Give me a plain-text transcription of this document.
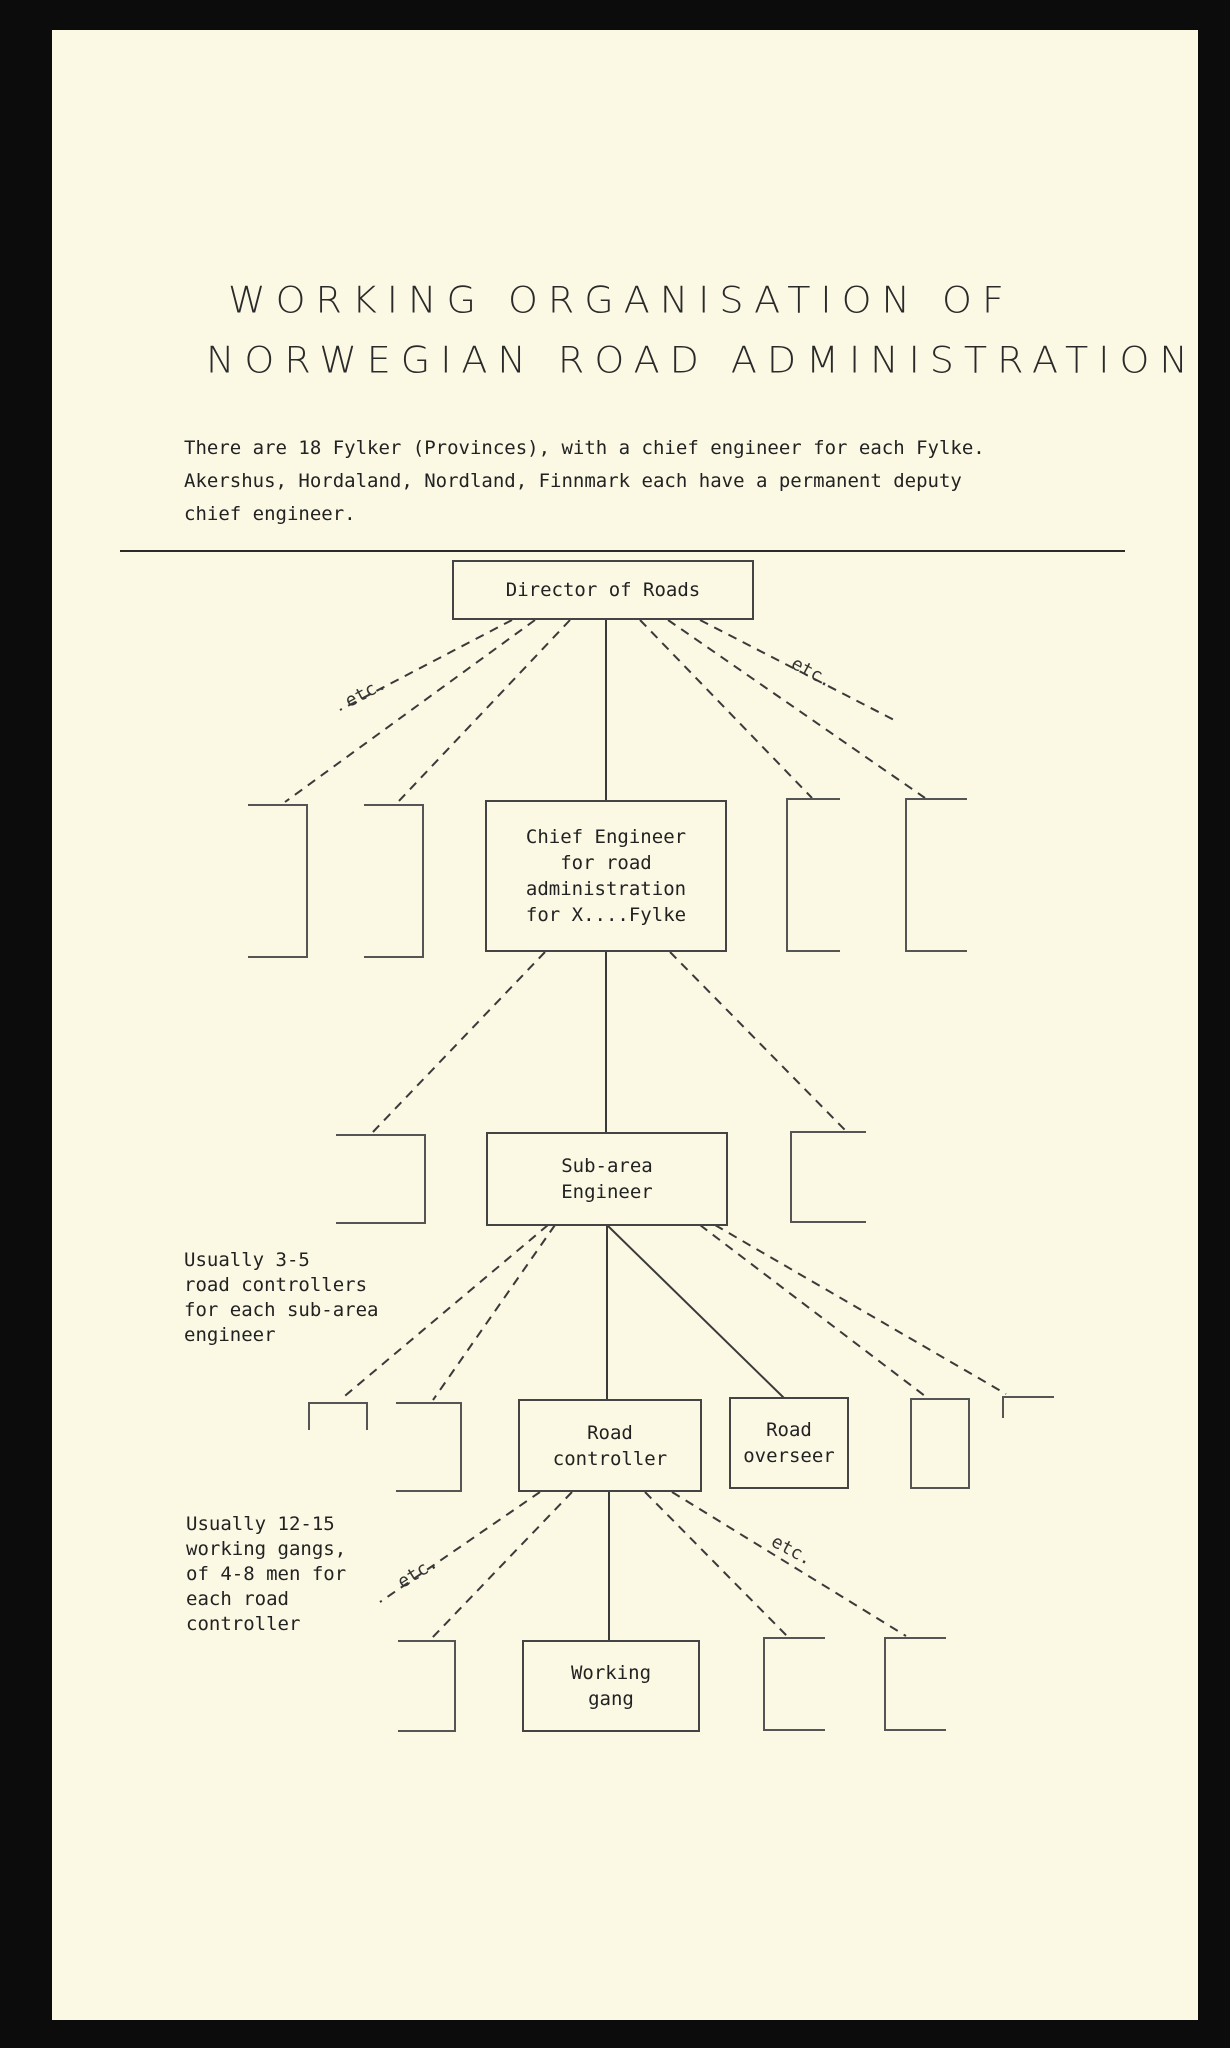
WORKING ORGANISATION OF
NORWEGIAN ROAD ADMINISTRATION

There are 18 Fylker (Provinces), with a chief engineer for each Fylke.
Akershus, Hordaland, Nordland, Finnmark each have a permanent deputy
chief engineer.

etc.
etc.
etc.
etc.
Director of Roads
Chief Engineer
for road
administration
for X....Fylke
Sub-area
Engineer
Usually 3-5
road controllers
for each sub-area
engineer
Road
controller
Road
overseer
Usually 12-15
working gangs,
of 4-8 men for
each road
controller
Working
gang
